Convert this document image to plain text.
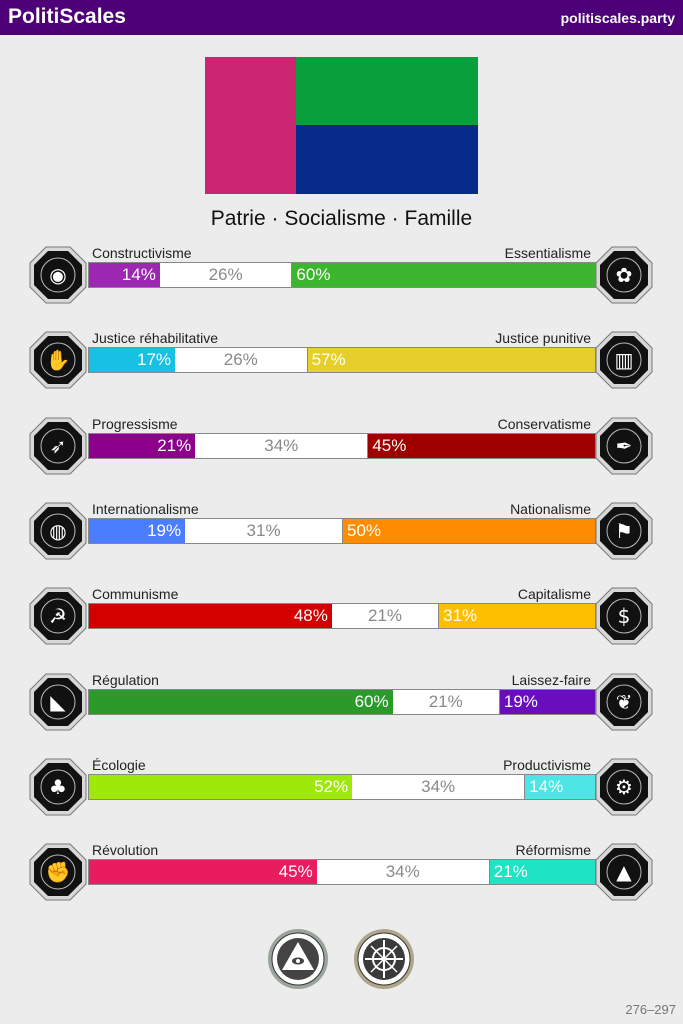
PolitiScales	politiscales.party
Patrie · Socialisme · Famille
Constructivisme	Essentialisme
14%	26%	60%
◉	✿
Justice réhabilitative	Justice punitive
17%	26%	57%
✋	▥
Progressisme	Conservatisme
21%	34%	45%
➶	✒
Internationalisme	Nationalisme
19%	31%	50%
◍	⚑
Communisme	Capitalisme
48%	21%	31%
☭	$
Régulation	Laissez-faire
60%	21%	19%
◣	❦
Écologie	Productivisme
52%	34%	14%
♣	⚙
Révolution	Réformisme
45%	34%	21%
✊	▲
276–297
